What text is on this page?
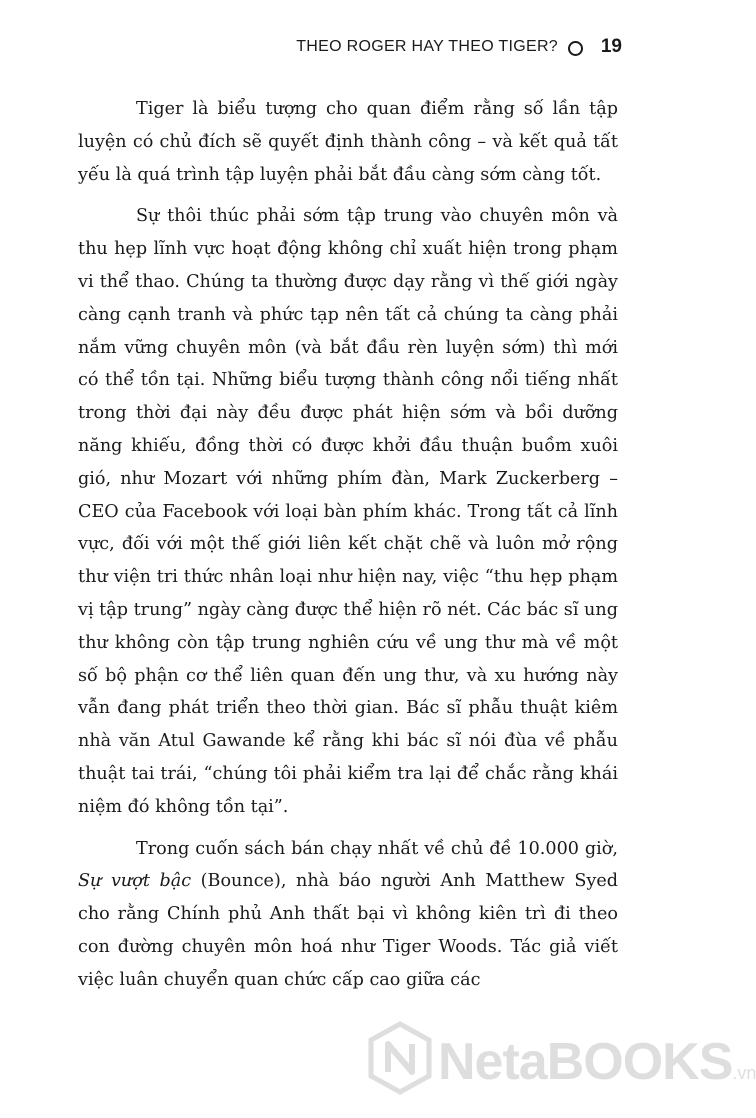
THEO ROGER HAY THEO TIGER? 19

Tiger là biểu tượng cho quan điểm rằng số lần tập luyện có chủ đích sẽ quyết định thành công – và kết quả tất yếu là quá trình tập luyện phải bắt đầu càng sớm càng tốt.

Sự thôi thúc phải sớm tập trung vào chuyên môn và thu hẹp lĩnh vực hoạt động không chỉ xuất hiện trong phạm vi thể thao. Chúng ta thường được dạy rằng vì thế giới ngày càng cạnh tranh và phức tạp nên tất cả chúng ta càng phải nắm vững chuyên môn (và bắt đầu rèn luyện sớm) thì mới có thể tồn tại. Những biểu tượng thành công nổi tiếng nhất trong thời đại này đều được phát hiện sớm và bồi dưỡng năng khiếu, đồng thời có được khởi đầu thuận buồm xuôi gió, như Mozart với những phím đàn, Mark Zuckerberg – CEO của Facebook với loại bàn phím khác. Trong tất cả lĩnh vực, đối với một thế giới liên kết chặt chẽ và luôn mở rộng thư viện tri thức nhân loại như hiện nay, việc “thu hẹp phạm vị tập trung” ngày càng được thể hiện rõ nét. Các bác sĩ ung thư không còn tập trung nghiên cứu về ung thư mà về một số bộ phận cơ thể liên quan đến ung thư, và xu hướng này vẫn đang phát triển theo thời gian. Bác sĩ phẫu thuật kiêm nhà văn Atul Gawande kể rằng khi bác sĩ nói đùa về phẫu thuật tai trái, “chúng tôi phải kiểm tra lại để chắc rằng khái niệm đó không tồn tại”.

Trong cuốn sách bán chạy nhất về chủ đề 10.000 giờ, Sự vượt bậc (Bounce), nhà báo người Anh Matthew Syed cho rằng Chính phủ Anh thất bại vì không kiên trì đi theo con đường chuyên môn hoá như Tiger Woods. Tác giả viết việc luân chuyển quan chức cấp cao giữa các

NetaBOOKS.vn
